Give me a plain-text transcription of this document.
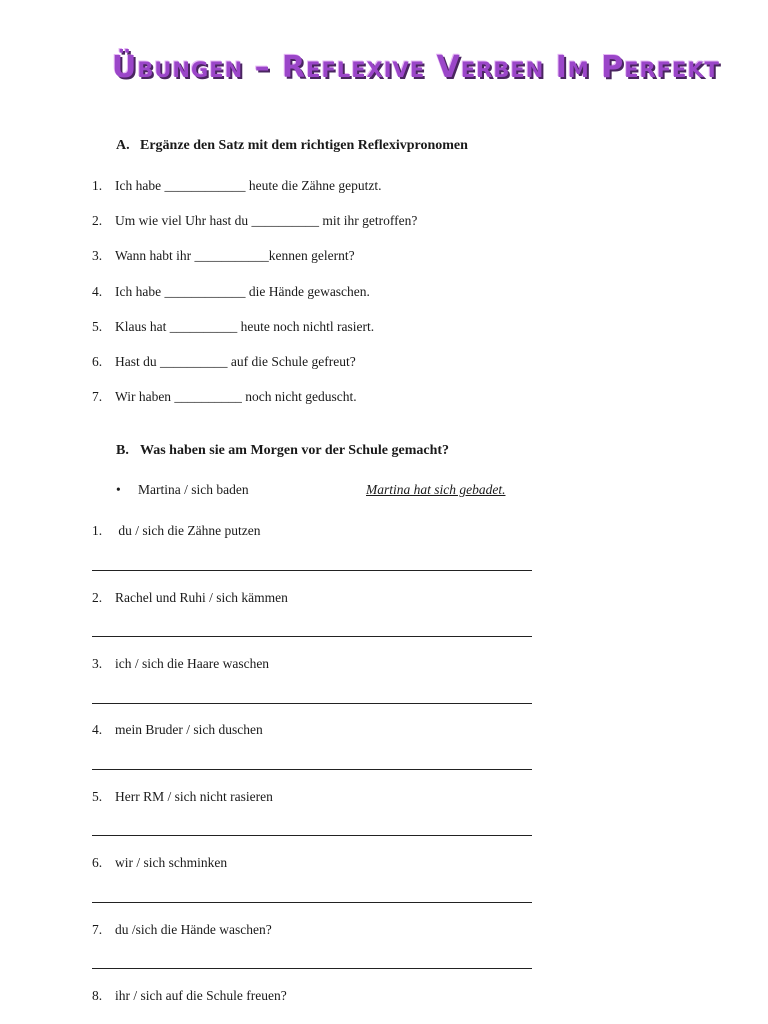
Übungen – Reflexive Verben Im Perfekt
A. Ergänze den Satz mit dem richtigen Reflexivpronomen
1. Ich habe ____________ heute die Zähne geputzt.
2. Um wie viel Uhr hast du __________ mit ihr getroffen?
3. Wann habt ihr ___________kennen gelernt?
4. Ich habe ____________ die Hände gewaschen.
5. Klaus hat __________ heute noch nichtl rasiert.
6. Hast du __________ auf die Schule gefreut?
7. Wir haben __________ noch nicht geduscht.
B. Was haben sie am Morgen vor der Schule gemacht?
• Martina / sich baden	Martina hat sich gebadet.
1. du / sich die Zähne putzen
2. Rachel und Ruhi / sich kämmen
3. ich / sich die Haare waschen
4. mein Bruder / sich duschen
5. Herr RM / sich nicht rasieren
6. wir / sich schminken
7. du /sich die Hände waschen?
8. ihr / sich auf die Schule freuen?
